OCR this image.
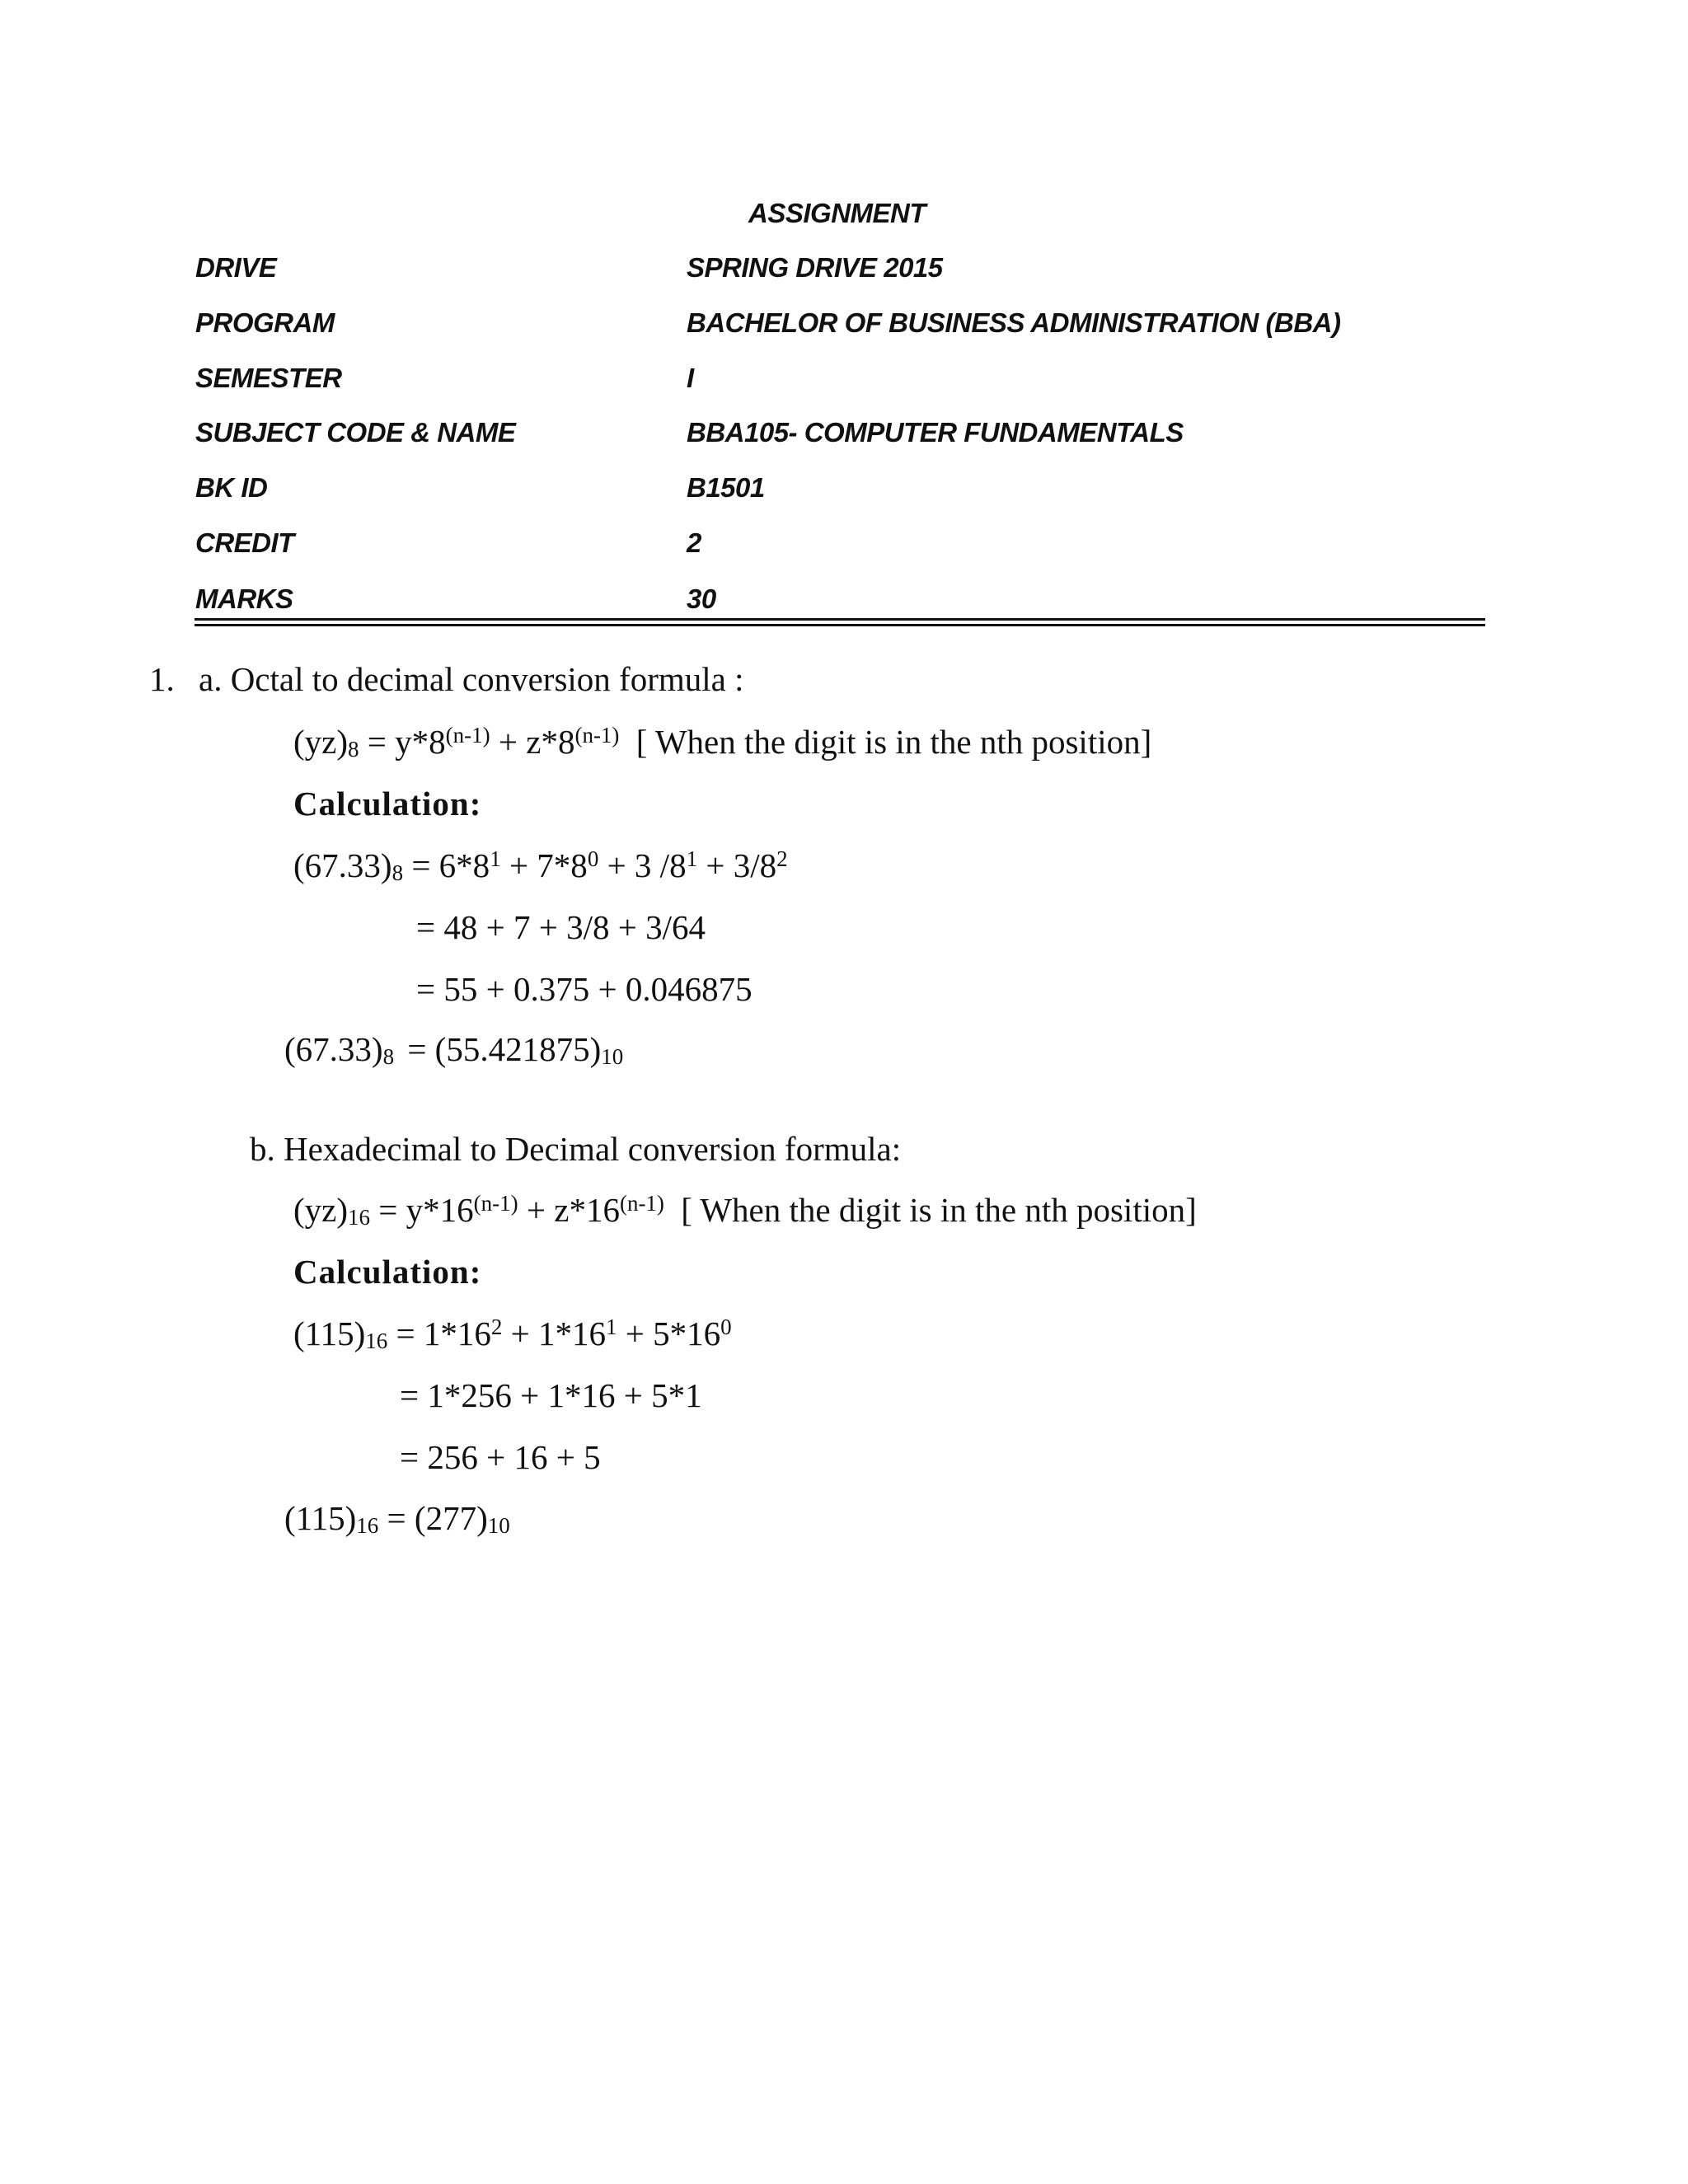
ASSIGNMENT
DRIVE	SPRING DRIVE 2015
PROGRAM	BACHELOR OF BUSINESS ADMINISTRATION (BBA)
SEMESTER	I
SUBJECT CODE & NAME	BBA105- COMPUTER FUNDAMENTALS
BK ID	B1501
CREDIT	2
MARKS	30
1. a. Octal to decimal conversion formula :
$(yz)_8 = y*8^{(n-1)} + z*8^{(n-1)}$ [ When the digit is in the nth position]
Calculation:
$(67.33)_8 = 6*8^1 + 7*8^0 + 3$ $/8^1 + 3/8^2$
= 48 + 7 + 3/8 + 3/64
= 55 + 0.375 + 0.046875
$(67.33)_8 = (55.421875)_{10}$
b. Hexadecimal to Decimal conversion formula:
$(yz)_{16} = y*16^{(n-1)} + z*16^{(n-1)}$ [ When the digit is in the nth position]
Calculation:
$(115)_{16} = 1*16^2 + 1*16^1 + 5*16^0$
= 1*256 + 1*16 + 5*1
= 256 + 16 + 5
$(115)_{16} = (277)_{10}$
